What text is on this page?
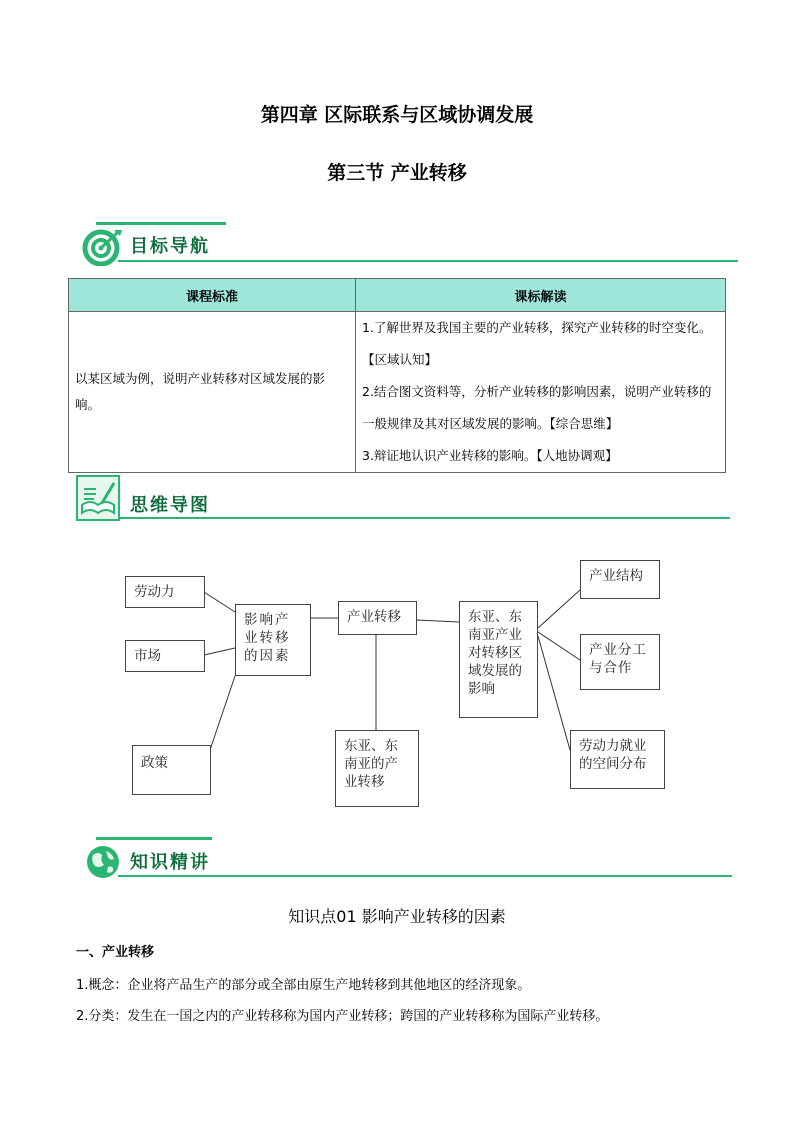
第四章 区际联系与区域协调发展
第三节 产业转移
目标导航
课程标准	课标解读
以某区域为例，说明产业转移对区域发展的影响。	1.了解世界及我国主要的产业转移，探究产业转移的时空变化。【区域认知】
2.结合图文资料等，分析产业转移的影响因素，说明产业转移的一般规律及其对区域发展的影响。【综合思维】
3.辩证地认识产业转移的影响。【人地协调观】
思维导图
劳动力
市场
政策
影响产业转移的因素
产业转移
东亚、东南亚的产业转移
东亚、东南亚产业对转移区域发展的影响
产业结构
产业分工与合作
劳动力就业的空间分布
知识精讲
知识点01 影响产业转移的因素
一、产业转移
1.概念：企业将产品生产的部分或全部由原生产地转移到其他地区的经济现象。
2.分类：发生在一国之内的产业转移称为国内产业转移；跨国的产业转移称为国际产业转移。
